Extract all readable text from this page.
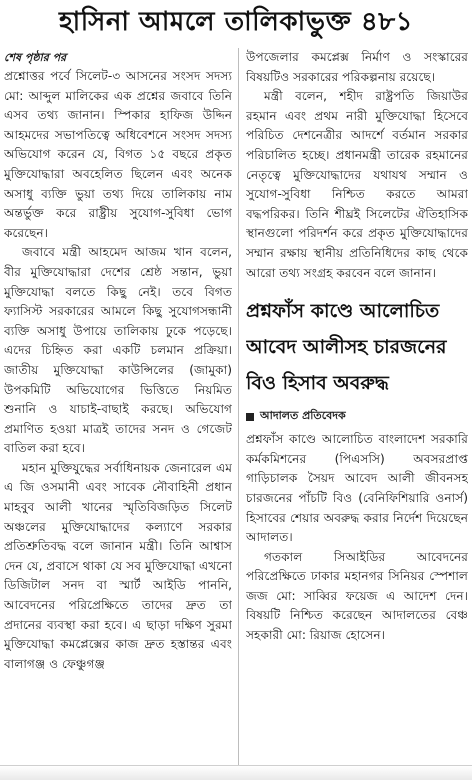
হাসিনা আমলে তালিকাভুক্ত ৪৮১
শেষ পৃষ্ঠার পর

প্রশ্নোত্তর পর্বে সিলেট-৩ আসনের সংসদ সদস্য মো: আব্দুল মালিকের এক প্রশ্নের জবাবে তিনি এসব তথ্য জানান। স্পিকার হাফিজ উদ্দিন আহমদের সভাপতিত্বে অধিবেশনে সংসদ সদস্য অভিযোগ করেন যে, বিগত ১৫ বছরে প্রকৃত মুক্তিযোদ্ধারা অবহেলিত ছিলেন এবং অনেক অসাধু ব্যক্তি ভুয়া তথ্য দিয়ে তালিকায় নাম অন্তর্ভুক্ত করে রাষ্ট্রীয় সুযোগ-সুবিধা ভোগ করেছেন।

জবাবে মন্ত্রী আহমেদ আজম খান বলেন, বীর মুক্তিযোদ্ধারা দেশের শ্রেষ্ঠ সন্তান, ভুয়া মুক্তিযোদ্ধা বলতে কিছু নেই। তবে বিগত ফ্যাসিস্ট সরকারের আমলে কিছু সুযোগসন্ধানী ব্যক্তি অসাধু উপায়ে তালিকায় ঢুকে পড়েছে। এদের চিহ্নিত করা একটি চলমান প্রক্রিয়া। জাতীয় মুক্তিযোদ্ধা কাউন্সিলের (জামুকা) উপকমিটি অভিযোগের ভিত্তিতে নিয়মিত শুনানি ও যাচাই-বাছাই করছে। অভিযোগ প্রমাণিত হওয়া মাত্রই তাদের সনদ ও গেজেট বাতিল করা হবে।

মহান মুক্তিযুদ্ধের সর্বাধিনায়ক জেনারেল এম এ জি ওসমানী এবং সাবেক নৌবাহিনী প্রধান মাহবুব আলী খানের স্মৃতিবিজড়িত সিলেট অঞ্চলের মুক্তিযোদ্ধাদের কল্যাণে সরকার প্রতিশ্রুতিবদ্ধ বলে জানান মন্ত্রী। তিনি আশ্বাস দেন যে, প্রবাসে থাকা যে সব মুক্তিযোদ্ধা এখনো ডিজিটাল সনদ বা স্মার্ট আইডি পাননি, আবেদনের পরিপ্রেক্ষিতে তাদের দ্রুত তা প্রদানের ব্যবস্থা করা হবে। এ ছাড়া দক্ষিণ সুরমা মুক্তিযোদ্ধা কমপ্লেক্সের কাজ দ্রুত হস্তান্তর এবং বালাগঞ্জ ও ফেঞ্চুগঞ্জ

উপজেলার কমপ্লেক্স নির্মাণ ও সংস্কারের বিষয়টিও সরকারের পরিকল্পনায় রয়েছে।

মন্ত্রী বলেন, শহীদ রাষ্ট্রপতি জিয়াউর রহমান এবং প্রথম নারী মুক্তিযোদ্ধা হিসেবে পরিচিত দেশনেত্রীর আদর্শে বর্তমান সরকার পরিচালিত হচ্ছে। প্রধানমন্ত্রী তারেক রহমানের নেতৃত্বে মুক্তিযোদ্ধাদের যথাযথ সম্মান ও সুযোগ-সুবিধা নিশ্চিত করতে আমরা বদ্ধপরিকর। তিনি শীঘ্রই সিলেটের ঐতিহাসিক স্থানগুলো পরিদর্শন করে প্রকৃত মুক্তিযোদ্ধাদের সম্মান রক্ষায় স্থানীয় প্রতিনিধিদের কাছ থেকে আরো তথ্য সংগ্রহ করবেন বলে জানান।

প্রশ্নফাঁস কাণ্ডে আলোচিত
আবেদ আলীসহ চারজনের
বিও হিসাব অবরুদ্ধ
আদালত প্রতিবেদক

প্রশ্নফাঁস কাণ্ডে আলোচিত বাংলাদেশ সরকারি কর্মকমিশনের (পিএসসি) অবসরপ্রাপ্ত গাড়িচালক সৈয়দ আবেদ আলী জীবনসহ চারজনের পাঁচটি বিও (বেনিফিশিয়ারি ওনার্স) হিসাবের শেয়ার অবরুদ্ধ করার নির্দেশ দিয়েছেন আদালত।

গতকাল সিআইডির আবেদনের পরিপ্রেক্ষিতে ঢাকার মহানগর সিনিয়র স্পেশাল জজ মো: সাব্বির ফয়েজ এ আদেশ দেন। বিষয়টি নিশ্চিত করেছেন আদালতের বেঞ্চ সহকারী মো: রিয়াজ হোসেন।
